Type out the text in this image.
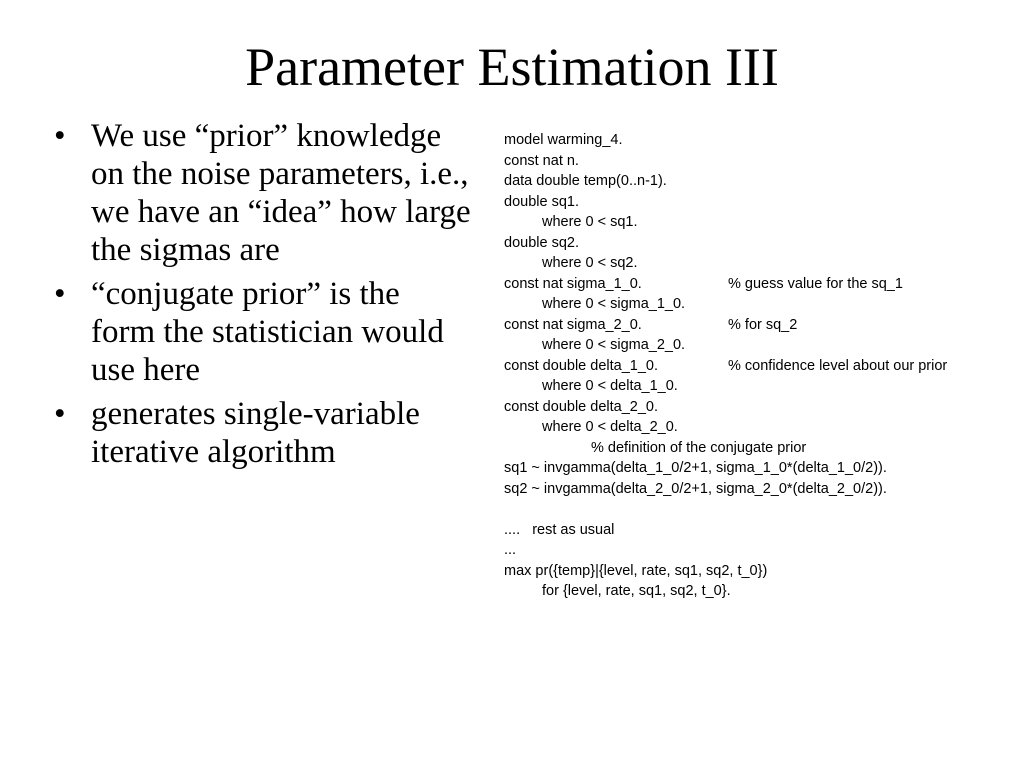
Parameter Estimation III
• We use “prior” knowledge on the noise parameters, i.e., we have an “idea” how large the sigmas are
• “conjugate prior” is the form the statistician would use here
• generates single-variable iterative algorithm
model warming_4.
const nat n.
data double temp(0..n-1).
double sq1.
where 0 < sq1.
double sq2.
where 0 < sq2.
const nat sigma_1_0.	% guess value for the sq_1
where 0 < sigma_1_0.
const nat sigma_2_0.	% for sq_2
where 0 < sigma_2_0.
const double delta_1_0.	% confidence level about our prior
where 0 < delta_1_0.
const double delta_2_0.
where 0 < delta_2_0.
% definition of the conjugate prior
sq1 ~ invgamma(delta_1_0/2+1, sigma_1_0*(delta_1_0/2)).
sq2 ~ invgamma(delta_2_0/2+1, sigma_2_0*(delta_2_0/2)).
....   rest as usual
...
max pr({temp}|{level, rate, sq1, sq2, t_0})
for {level, rate, sq1, sq2, t_0}.
